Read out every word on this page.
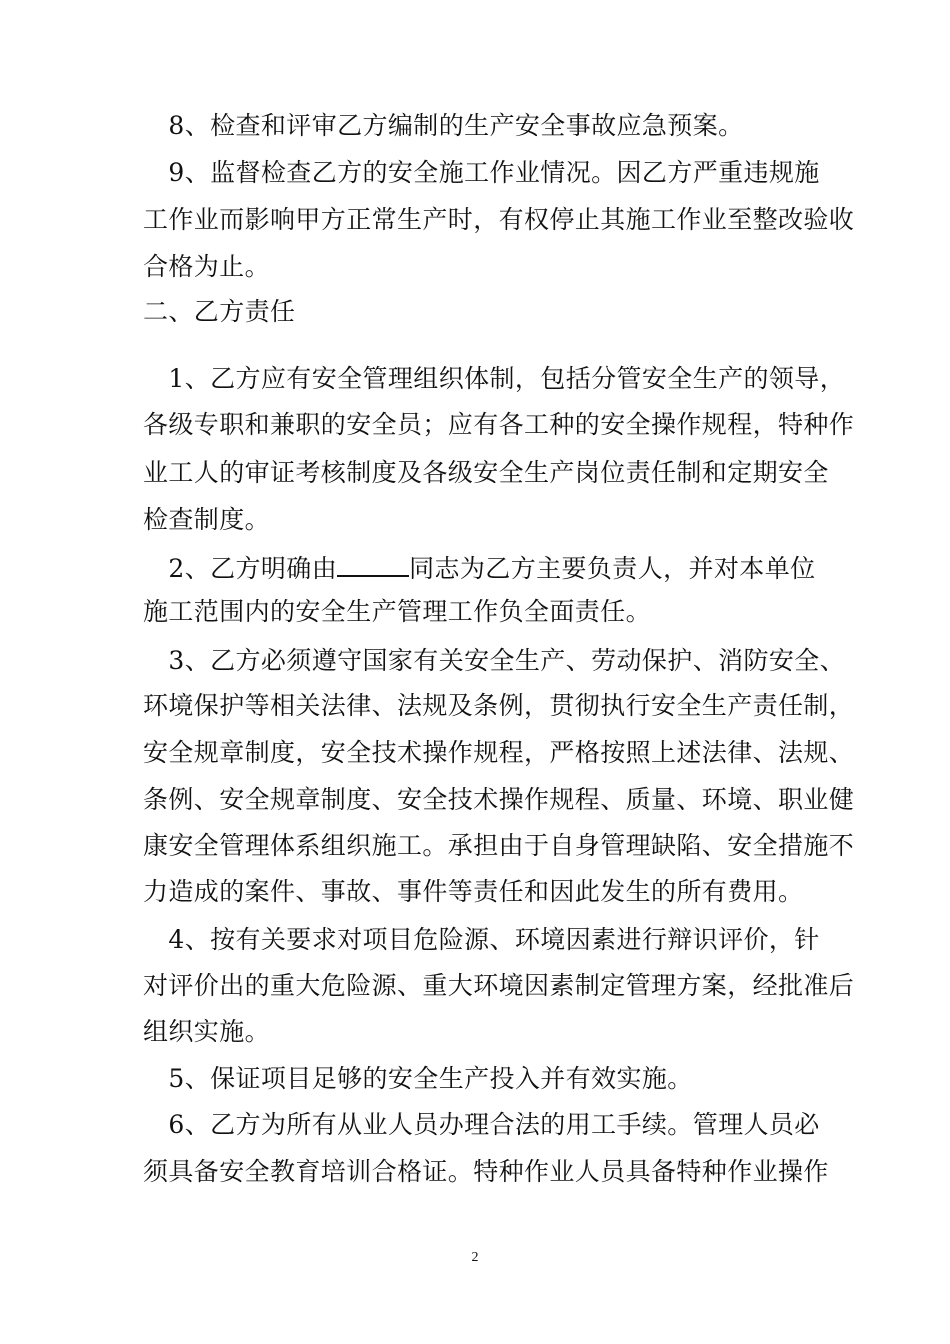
　8、检查和评审乙方编制的生产安全事故应急预案。
　9、监督检查乙方的安全施工作业情况。因乙方严重违规施
工作业而影响甲方正常生产时，有权停止其施工作业至整改验收
合格为止。
二、乙方责任
　1、乙方应有安全管理组织体制，包括分管安全生产的领导，
各级专职和兼职的安全员；应有各工种的安全操作规程，特种作
业工人的审证考核制度及各级安全生产岗位责任制和定期安全
检查制度。
　2、乙方明确由	同志为乙方主要负责人，并对本单位
施工范围内的安全生产管理工作负全面责任。
　3、乙方必须遵守国家有关安全生产、劳动保护、消防安全、
环境保护等相关法律、法规及条例，贯彻执行安全生产责任制，
安全规章制度，安全技术操作规程，严格按照上述法律、法规、
条例、安全规章制度、安全技术操作规程、质量、环境、职业健
康安全管理体系组织施工。承担由于自身管理缺陷、安全措施不
力造成的案件、事故、事件等责任和因此发生的所有费用。
　4、按有关要求对项目危险源、环境因素进行辩识评价，针
对评价出的重大危险源、重大环境因素制定管理方案，经批准后
组织实施。
　5、保证项目足够的安全生产投入并有效实施。
　6、乙方为所有从业人员办理合法的用工手续。管理人员必
须具备安全教育培训合格证。特种作业人员具备特种作业操作
2
